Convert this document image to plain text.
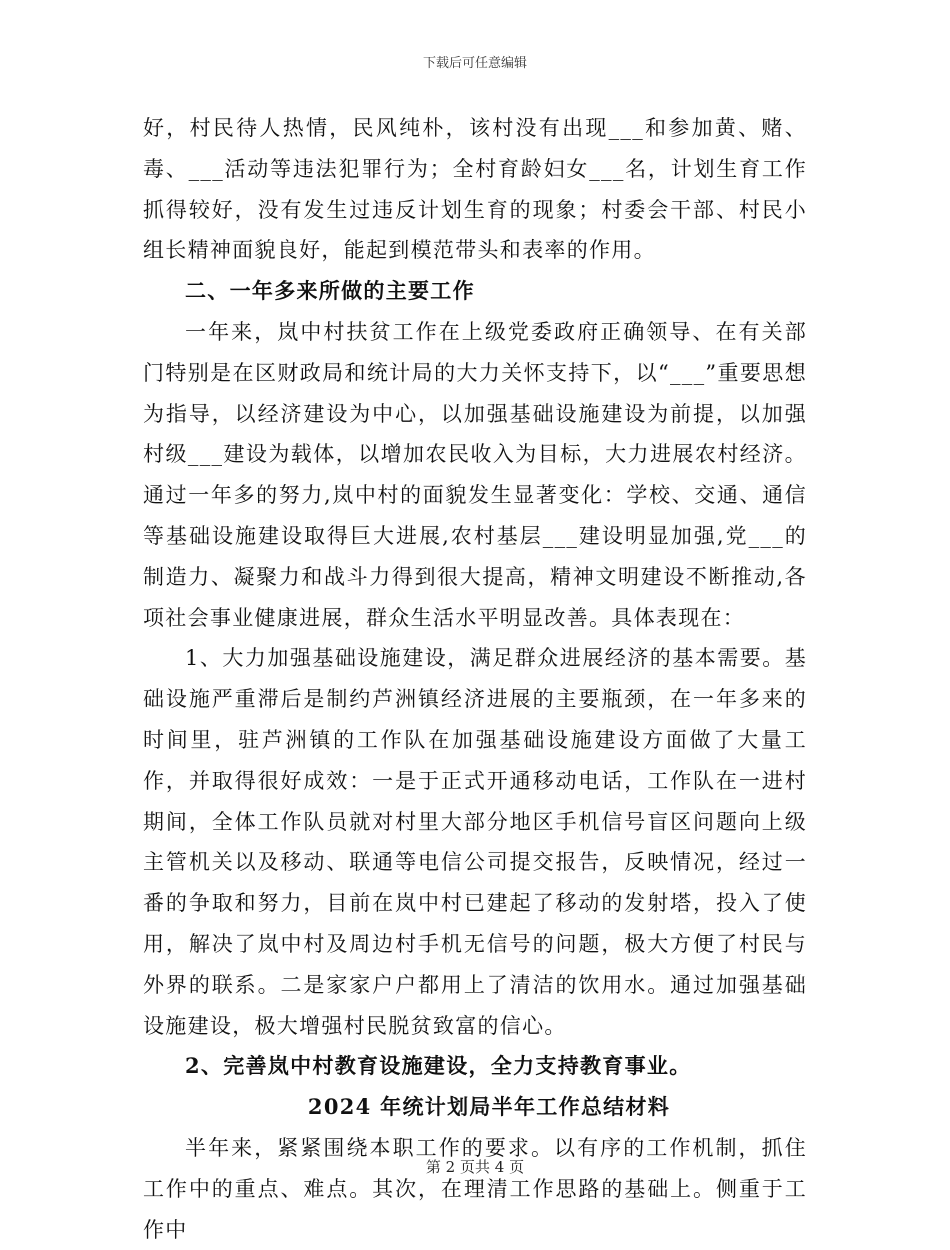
下载后可任意编辑

好，村民待人热情，民风纯朴，该村没有出现___和参加黄、赌、毒、___活动等违法犯罪行为；全村育龄妇女___名，计划生育工作抓得较好，没有发生过违反计划生育的现象；村委会干部、村民小组长精神面貌良好，能起到模范带头和表率的作用。

二、一年多来所做的主要工作

一年来，岚中村扶贫工作在上级党委政府正确领导、在有关部门特别是在区财政局和统计局的大力关怀支持下，以“___”重要思想为指导，以经济建设为中心，以加强基础设施建设为前提，以加强村级___建设为载体，以增加农民收入为目标，大力进展农村经济。通过一年多的努力,岚中村的面貌发生显著变化：学校、交通、通信等基础设施建设取得巨大进展,农村基层___建设明显加强,党___的制造力、凝聚力和战斗力得到很大提高，精神文明建设不断推动,各项社会事业健康进展，群众生活水平明显改善。具体表现在：

1、大力加强基础设施建设，满足群众进展经济的基本需要。基础设施严重滞后是制约芦洲镇经济进展的主要瓶颈，在一年多来的时间里，驻芦洲镇的工作队在加强基础设施建设方面做了大量工作，并取得很好成效：一是于正式开通移动电话，工作队在一进村期间，全体工作队员就对村里大部分地区手机信号盲区问题向上级主管机关以及移动、联通等电信公司提交报告，反映情况，经过一番的争取和努力，目前在岚中村已建起了移动的发射塔，投入了使用，解决了岚中村及周边村手机无信号的问题，极大方便了村民与外界的联系。二是家家户户都用上了清洁的饮用水。通过加强基础设施建设，极大增强村民脱贫致富的信心。

2、完善岚中村教育设施建设，全力支持教育事业。

2024 年统计划局半年工作总结材料

半年来，紧紧围绕本职工作的要求。以有序的工作机制，抓住工作中的重点、难点。其次，在理清工作思路的基础上。侧重于工作中

第 2 页共 4 页
